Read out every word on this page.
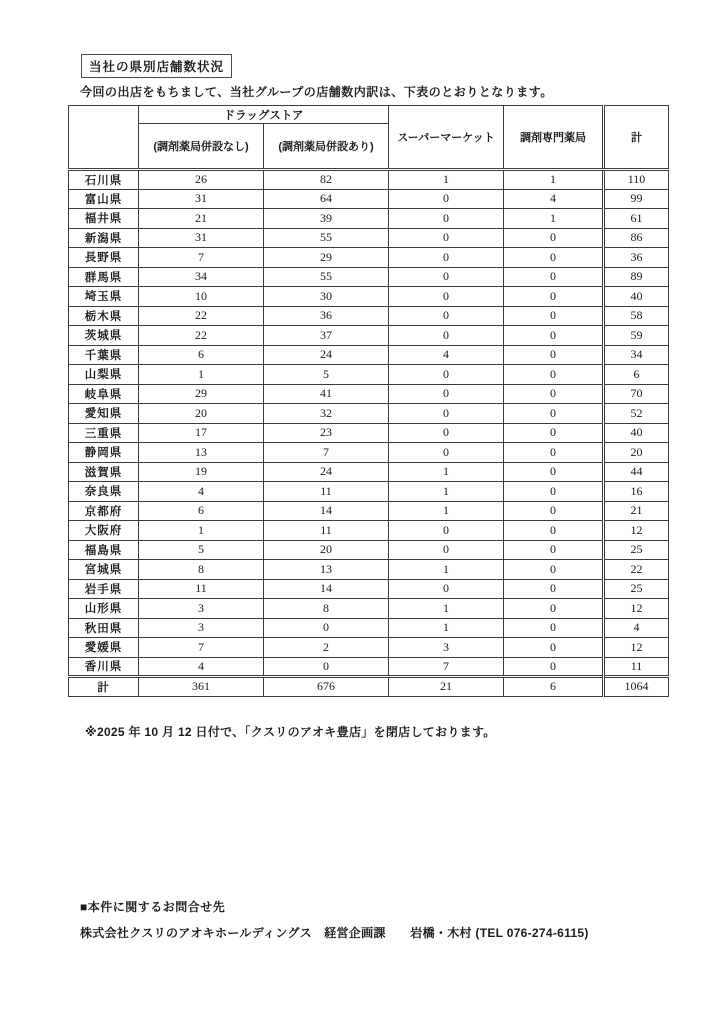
当社の県別店舗数状況
今回の出店をもちまして、当社グループの店舗数内訳は、下表のとおりとなります。
	ドラッグストア		スーパーマーケット	調剤専門薬局	計
	(調剤薬局併設なし)	(調剤薬局併設あり)			
石川県	26	82	1	1	110
富山県	31	64	0	4	99
福井県	21	39	0	1	61
新潟県	31	55	0	0	86
長野県	7	29	0	0	36
群馬県	34	55	0	0	89
埼玉県	10	30	0	0	40
栃木県	22	36	0	0	58
茨城県	22	37	0	0	59
千葉県	6	24	4	0	34
山梨県	1	5	0	0	6
岐阜県	29	41	0	0	70
愛知県	20	32	0	0	52
三重県	17	23	0	0	40
静岡県	13	7	0	0	20
滋賀県	19	24	1	0	44
奈良県	4	11	1	0	16
京都府	6	14	1	0	21
大阪府	1	11	0	0	12
福島県	5	20	0	0	25
宮城県	8	13	1	0	22
岩手県	11	14	0	0	25
山形県	3	8	1	0	12
秋田県	3	0	1	0	4
愛媛県	7	2	3	0	12
香川県	4	0	7	0	11
計	361	676	21	6	1064
※2025 年 10 月 12 日付で、「クスリのアオキ豊店」を閉店しております。
■本件に関するお問合せ先
株式会社クスリのアオキホールディングス　経営企画課　　岩橋・木村 (TEL 076-274-6115)
